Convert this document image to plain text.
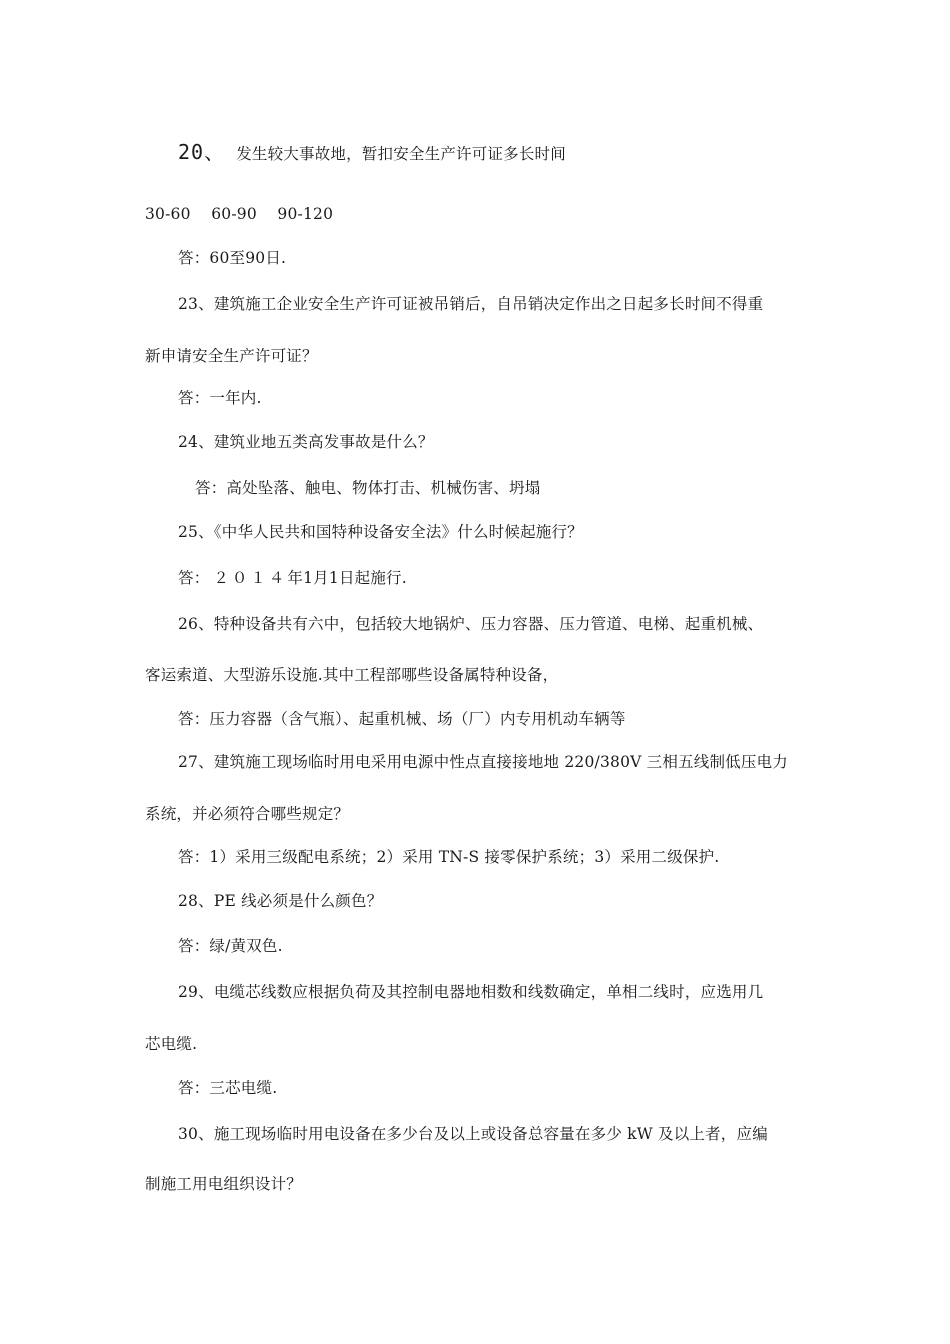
20、 发生较大事故地，暂扣安全生产许可证多长时间

30-60    60-90    90-120

答：60至90日.

23、建筑施工企业安全生产许可证被吊销后，自吊销决定作出之日起多长时间不得重

新申请安全生产许可证？

答：一年内.

24、建筑业地五类高发事故是什么？

答：高处坠落、触电、物体打击、机械伤害、坍塌

25、《中华人民共和国特种设备安全法》什么时候起施行？

答： ２０１４年1月1日起施行.

26、特种设备共有六中，包括较大地锅炉、压力容器、压力管道、电梯、起重机械、

客运索道、大型游乐设施.其中工程部哪些设备属特种设备，

答：压力容器（含气瓶）、起重机械、场（厂）内专用机动车辆等

27、建筑施工现场临时用电采用电源中性点直接接地地 220/380V 三相五线制低压电力

系统，并必须符合哪些规定？

答：1）采用三级配电系统；2）采用 TN-S 接零保护系统；3）采用二级保护.

28、PE 线必须是什么颜色？

答：绿/黄双色.

29、电缆芯线数应根据负荷及其控制电器地相数和线数确定，单相二线时，应选用几

芯电缆.

答：三芯电缆.

30、施工现场临时用电设备在多少台及以上或设备总容量在多少 kW 及以上者，应编

制施工用电组织设计？
